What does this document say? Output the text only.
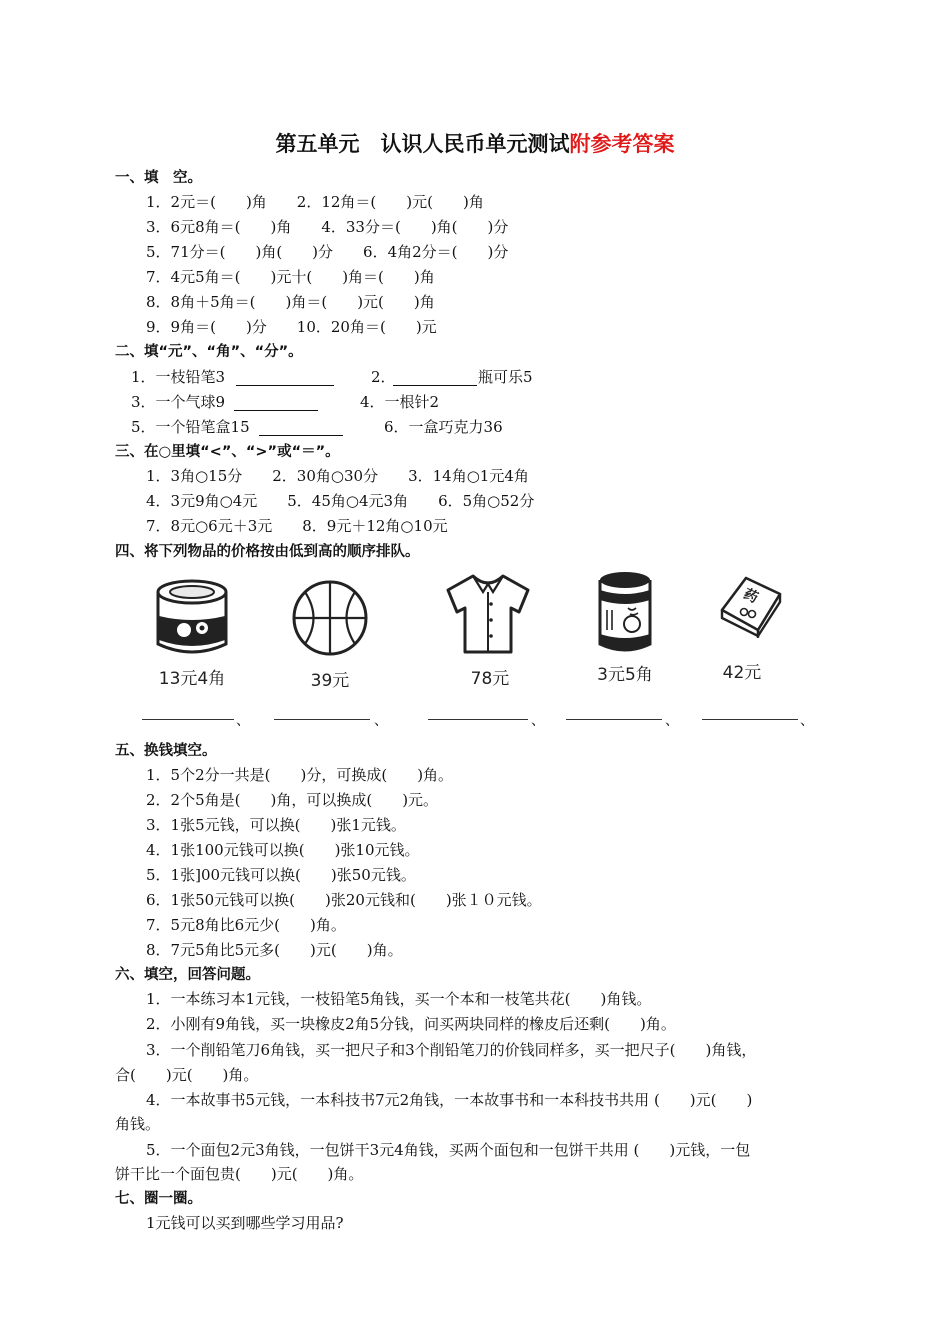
第五单元　认识人民币单元测试附参考答案
一、填　空。
1．2元＝(　　)角　　2．12角＝(　　)元(　　)角
3．6元8角＝(　　)角　　4．33分＝(　　)角(　　)分
5．71分＝(　　)角(　　)分　　6．4角2分＝(　　)分
7．4元5角＝(　　)元十(　　)角＝(　　)角
8．8角＋5角＝(　　)角＝(　　)元(　　)角
9．9角＝(　　)分　　10．20角＝(　　)元
二、填“元”、“角”、“分”。
1．一枝铅笔3	2．	瓶可乐5
3．一个气球9	4．一根针2
5．一个铅笔盒15	6．一盒巧克力36
三、在○里填“<”、“>”或“＝”。
1．3角○15分　　2．30角○30分　　3．14角○1元4角
4．3元9角○4元　　5．45角○4元3角　　6．5角○52分
7．8元○6元＋3元　　8．9元＋12角○10元
四、将下列物品的价格按由低到高的顺序排队。
13元4角	39元	78元	3元5角
药
42元
、	、	、	、	、
五、换钱填空。
1．5个2分一共是(　　)分，可换成(　　)角。
2．2个5角是(　　)角，可以换成(　　)元。
3．1张5元钱，可以换(　　)张1元钱。
4．1张100元钱可以换(　　)张10元钱。
5．1张]00元钱可以换(　　)张50元钱。
6．1张50元钱可以换(　　)张20元钱和(　　)张１０元钱。
7．5元8角比6元少(　　)角。
8．7元5角比5元多(　　)元(　　)角。
六、填空，回答问题。
1．一本练习本1元钱，一枝铅笔5角钱，买一个本和一枝笔共花(　　)角钱。
2．小刚有9角钱，买一块橡皮2角5分钱，问买两块同样的橡皮后还剩(　　)角。
3．一个削铅笔刀6角钱，买一把尺子和3个削铅笔刀的价钱同样多，买一把尺子(　　)角钱，
合(　　)元(　　)角。
4．一本故事书5元钱，一本科技书7元2角钱，一本故事书和一本科技书共用 (　　)元(　　)
角钱。
5．一个面包2元3角钱，一包饼干3元4角钱，买两个面包和一包饼干共用 (　　)元钱，一包
饼干比一个面包贵(　　)元(　　)角。
七、圈一圈。
1元钱可以买到哪些学习用品?
